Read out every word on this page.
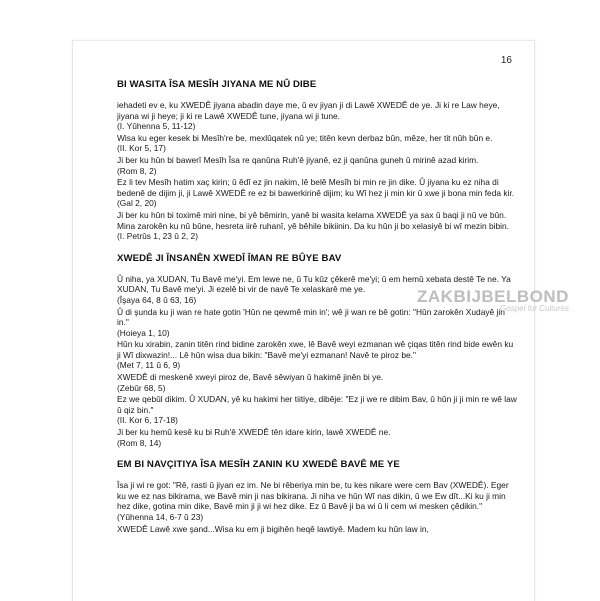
16
BI WASITA ÎSA MESÎH JIYANA ME NÛ DIBE

iehadeti ev e, ku XWEDÊ jiyana abadin daye me, û ev jiyan ji di Lawê XWEDÊ de ye. Ji ki re Law heye, jiyana wi ji heye; ji ki re Lawê XWEDÊ tune, jiyana wi ji tune.

(I. Yûhenna 5, 11-12)

Wisa ku eger kesek bi Mesîh're be, mexlûqatek nû ye; titên kevn derbaz bûn, mêze, her tit nûh bûn e.

(II. Kor 5, 17)

Ji ber ku hûn bi bawerî Mesîh Îsa re qanûna Ruh'ê jiyanê, ez ji qanûna guneh û mirinê azad kirim.

(Rom 8, 2)

Ez li tev Mesîh hatim xaç kirin; û êdî ez jin nakim, lê belê Mesîh bi min re jin dike. Û jiyana ku ez niha di bedenê de dijim ji, ji Lawê XWEDÊ re ez bi bawerkirinê dijim; ku Wî hez ji min kir û xwe ji bona min feda kir.

(Gal 2, 20)

Ji ber ku hûn bi toximê miri nine, bi yê bêmirin, yanê bi wasita kelama XWEDÊ ya sax û baqi ji nû ve bûn. Mina zarokên ku nû bûne, hesreta iirê ruhanî, yê bêhile bikiinin. Da ku hûn ji bo xelasiyê bi wî mezin bibin.

(I. Petrûs 1, 23 û 2, 2)

XWEDÊ JI ÎNSANÊN XWEDÎ ÎMAN RE BÛYE BAV

Û niha, ya XUDAN, Tu Bavê me'yi. Em lewe ne, û Tu kûz çêkerê me'yi; û em hemû xebata destê Te ne. Ya XUDAN, Tu Bavê me'yi. Ji ezelê bi vir de navê Te xelaskarê me ye.

(Îşaya 64, 8 û 63, 16)

Û di şunda ku ji wan re hate gotin 'Hûn ne qewmê min in'; wê ji wan re bê gotin: "Hûn zarokên Xudayê jin in."

(Hoieya 1, 10)

Hûn ku xirabin, zanin titên rind bidine zarokên xwe, lê Bavê weyi ezmanan wê çiqas titên rind bide ewên ku ji Wî dixwazin!... Lê hûn wisa dua bikin: "Bavê me'yi ezmanan! Navê te piroz be."

(Met 7, 11 û 6, 9)

XWEDÊ di meskenê xweyi piroz de, Bavê sêwiyan û hakimê jinên bi ye.

(Zebûr 68, 5)

Ez we qebûl dikim. Û XUDAN, yê ku hakimi her tiitiye, dibêje: "Ez ji we re dibim Bav, û hûn ji ji min re wê law û qiz bin."

(II. Kor 6, 17-18)

Ji ber ku hemû kesê ku bi Ruh'ê XWEDÊ tên idare kirin, lawê XWEDÊ ne.

(Rom 8, 14)

EM BI NAVÇITIYA ÎSA MESÎH ZANIN KU XWEDÊ BAVÊ ME YE

Îsa ji wi re got: "Rê, rasti û jiyan ez im. Ne bi rêberiya min be, tu kes nikare were cem Bav (XWEDÊ). Eger ku we ez nas bikirama, we Bavê min ji nas bikirana. Ji niha ve hûn Wî nas dikin, û we Ew dît...Ki ku ji min hez dike, gotina min dike, Bavê min ji ji wi hez dike. Ez û Bavê ji ba wi û li cem wi mesken çêdikin."

(Yûhenna 14, 6-7 û 23)

XWEDÊ Lawê xwe şand...Wisa ku em ji bigihên heqê lawtiyê. Madem ku hûn law in,

ZAKBIJBELBOND
Gospel for Cultures
